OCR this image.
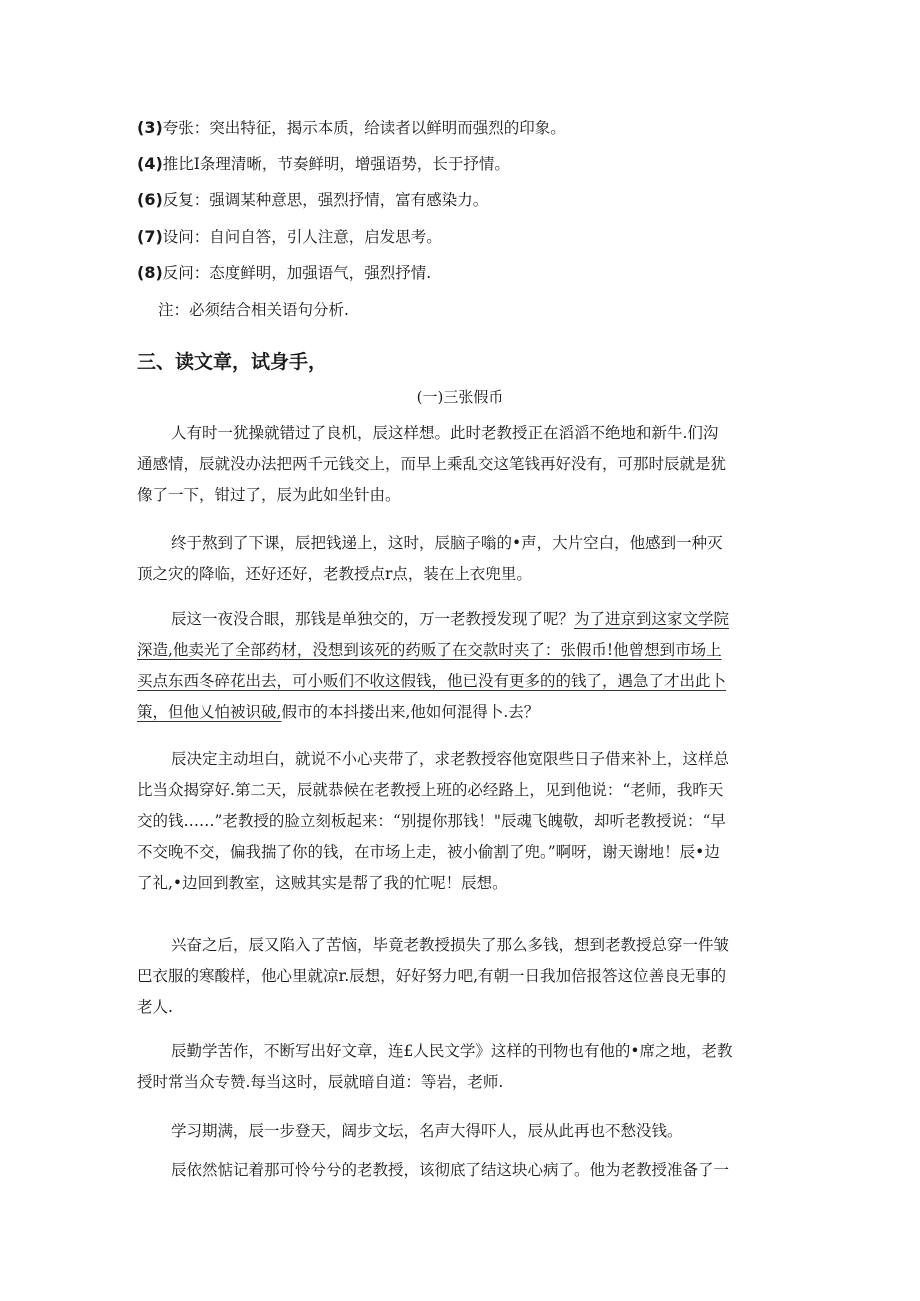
(3)夸张：突出特征，揭示本质，给读者以鲜明而强烈的印象。
(4)推比I条理清晰，节奏鲜明，增强语势，长于抒情。
(6)反复：强调某种意思，强烈抒情，富有感染力。
(7)设问：自问自答，引人注意，启发思考。
(8)反问：态度鲜明，加强语气，强烈抒情.
注：必须结合相关语句分析.
三、读文章，试身手，
(一)三张假币
人有时一犹操就错过了良机，辰这样想。此时老教授正在滔滔不绝地和新牛.们沟
通感情，辰就没办法把两千元钱交上，而早上乘乱交这笔钱再好没有，可那时辰就是犹
像了一下，钳过了，辰为此如坐针由。
终于熬到了下课，辰把钱递上，这时，辰脑子嗡的•声，大片空白，他感到一种灭
顶之灾的降临，还好还好，老教授点r点，装在上衣兜里。
辰这一夜没合眼，那钱是单独交的，万一老教授发现了呢？为了进京到这家文学院
深造,他卖光了全部药材，没想到该死的药贩了在交款时夹了：张假币!他曾想到市场上
买点东西冬碎花出去，可小贩们不收这假钱，他已没有更多的的钱了，遇急了才出此卜
策，但他乂怕被识破,假市的本抖搂出来,他如何混得卜.去？
辰决定主动坦白，就说不小心夹带了，求老教授容他宽限些日子借来补上，这样总
比当众揭穿好.第二天，辰就恭候在老教授上班的必经路上，见到他说：“老师，我昨天
交的钱……”老教授的脸立刻板起来：“别提你那钱！"辰魂飞魄敬，却听老教授说：“早
不交晚不交，偏我揣了你的钱，在市场上走，被小偷割了兜。”啊呀，谢天谢地！辰•边
了礼,•边回到教室，这贼其实是帮了我的忙呢！辰想。
兴奋之后，辰又陷入了苦恼，毕竟老教授损失了那么多钱，想到老教授总穿一件皱
巴衣服的寒酸样，他心里就凉r.辰想，好好努力吧,有朝一日我加倍报答这位善良无事的
老人.
辰勤学苦作，不断写出好文章，连£人民文学》这样的刊物也有他的•席之地，老教
授时常当众专赞.每当这时，辰就暗自道：等岩，老师.
学习期满，辰一步登天，阔步文坛，名声大得吓人，辰从此再也不愁没钱。
辰依然惦记着那可怜兮兮的老教授，该彻底了结这块心病了。他为老教授准备了一
